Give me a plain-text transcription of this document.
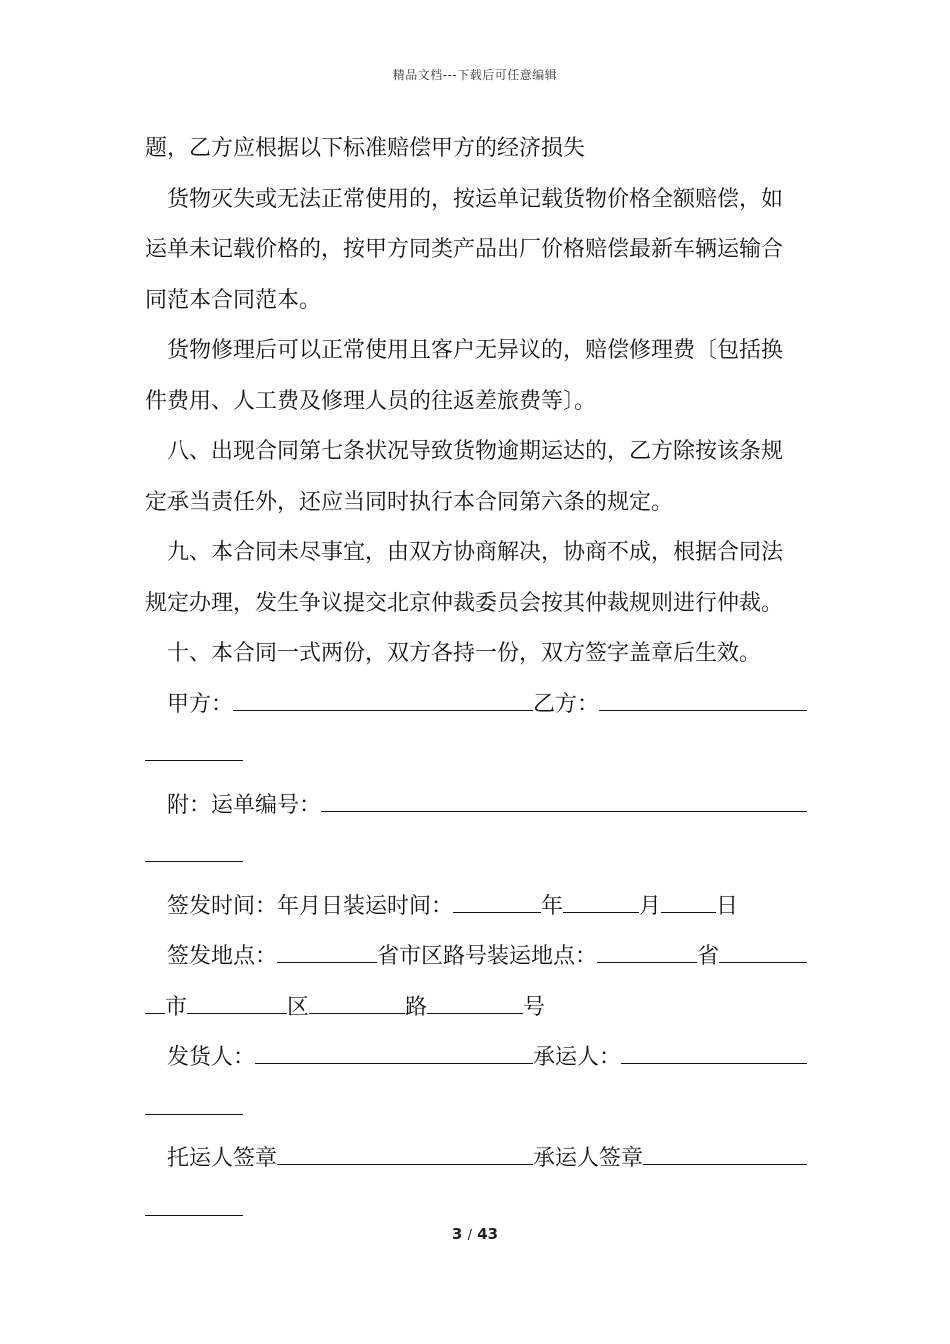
精品文档---下载后可任意编辑
题，乙方应根据以下标准赔偿甲方的经济损失
货物灭失或无法正常使用的，按运单记载货物价格全额赔偿，如
运单未记载价格的，按甲方同类产品出厂价格赔偿最新车辆运输合
同范本合同范本。
货物修理后可以正常使用且客户无异议的，赔偿修理费〔包括换
件费用、人工费及修理人员的往返差旅费等〕。
八、出现合同第七条状况导致货物逾期运达的，乙方除按该条规
定承当责任外，还应当同时执行本合同第六条的规定。
九、本合同未尽事宜，由双方协商解决，协商不成，根据合同法
规定办理，发生争议提交北京仲裁委员会按其仲裁规则进行仲裁。
十、本合同一式两份，双方各持一份，双方签字盖章后生效。
甲方：	乙方：
附：运单编号：
签发时间：年月日装运时间：	年	月	日
签发地点：	省市区路号装运地点：	省
市	区	路	号
发货人：	承运人：
托运人签章	承运人签章
3 / 43
